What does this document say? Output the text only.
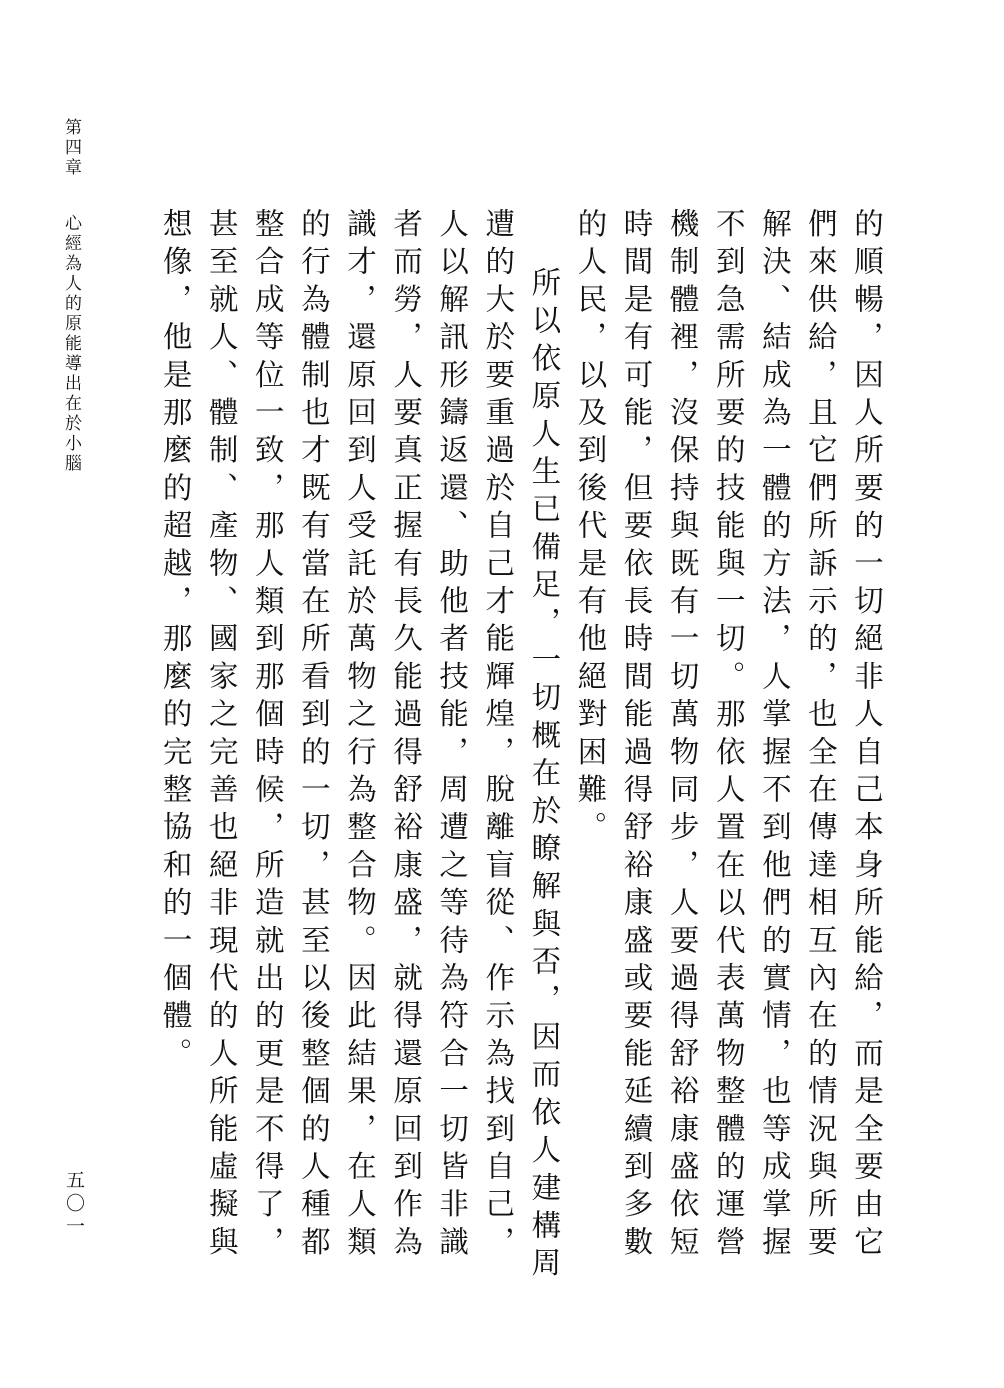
第四章心經為人的原能導出在於小腦
五〇一	的順暢，因人所要的一切絕非人自己本身所能給，而是全要由它們來供給，且它們所訴示的，也全在傳達相互內在的情況與所要解決、結成為一體的方法，人掌握不到他們的實情，也等成掌握不到急需所要的技能與一切。那依人置在以代表萬物整體的運營機制體裡，沒保持與既有一切萬物同步，人要過得舒裕康盛依短時間是有可能，但要依長時間能過得舒裕康盛或要能延續到多數的人民，以及到後代是有他絕對困難。

所以依原人生已備足，一切概在於瞭解與否，因而依人建構周遭的大於要重過於自己才能輝煌，脫離盲從、作示為找到自己，人以解訊形鑄返還、助他者技能，周遭之等待為符合一切皆非識者而勞，人要真正握有長久能過得舒裕康盛，就得還原回到作為識才，還原回到人受託於萬物之行為整合物。因此結果，在人類的行為體制也才既有當在所看到的一切，甚至以後整個的人種都整合成等位一致，那人類到那個時候，所造就出的更是不得了，甚至就人、體制、產物、國家之完善也絕非現代的人所能虛擬與想像，他是那麼的超越，那麼的完整協和的一個體。
